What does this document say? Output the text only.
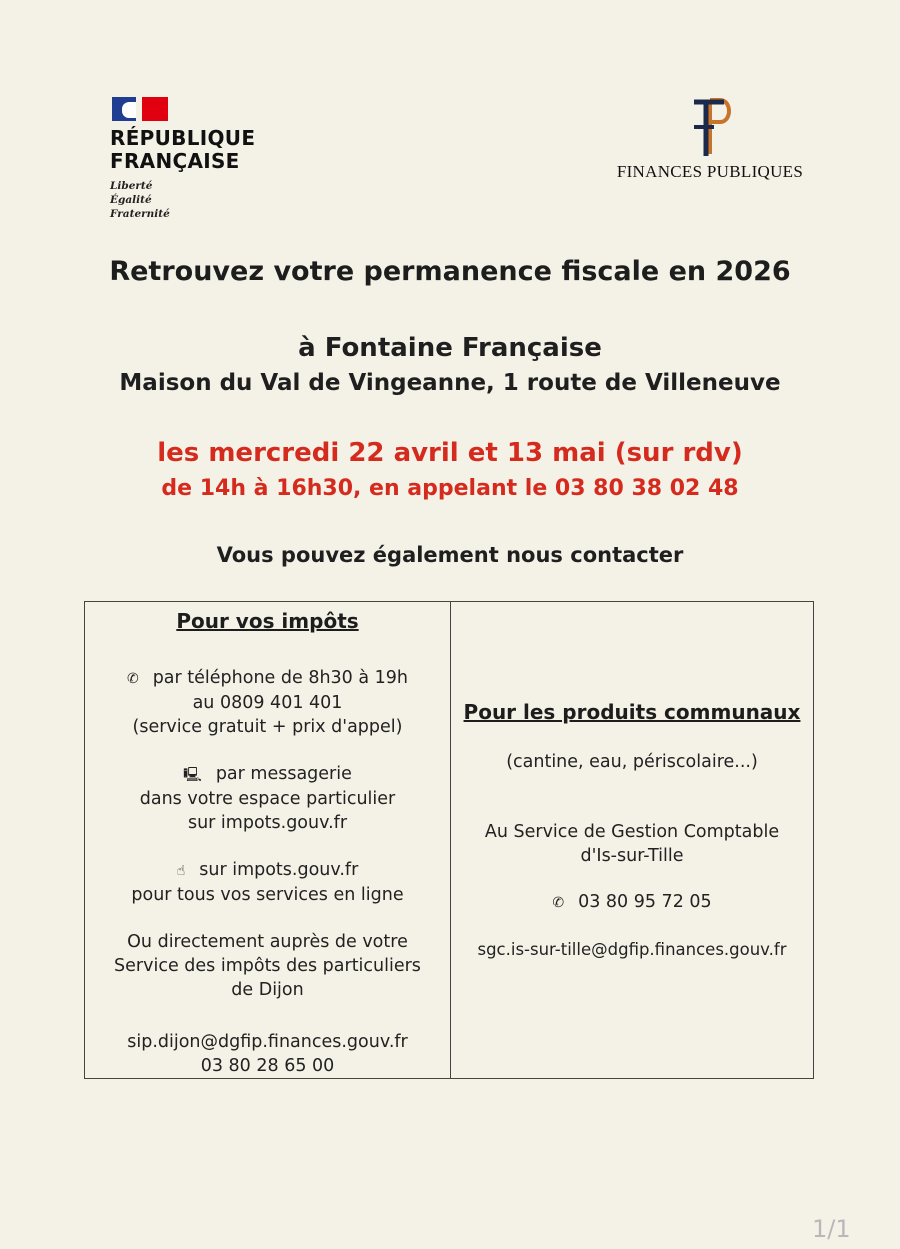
RÉPUBLIQUE
FRANÇAISE
Liberté
Égalité
Fraternité
FINANCES PUBLIQUES
Retrouvez votre permanence fiscale en 2026
à Fontaine Française
Maison du Val de Vingeanne, 1 route de Villeneuve
les mercredi 22 avril et 13 mai (sur rdv)
de 14h à 16h30, en appelant le 03 80 38 02 48
Vous pouvez également nous contacter
Pour vos impôts
✆ par téléphone de 8h30 à 19h
au 0809 401 401
(service gratuit + prix d'appel)
🖳 par messagerie
dans votre espace particulier
sur impots.gouv.fr
☝ sur impots.gouv.fr
pour tous vos services en ligne
Ou directement auprès de votre
Service des impôts des particuliers
de Dijon
sip.dijon@dgfip.finances.gouv.fr
03 80 28 65 00
Pour les produits communaux
(cantine, eau, périscolaire...)
Au Service de Gestion Comptable
d'Is-sur-Tille
✆ 03 80 95 72 05
sgc.is-sur-tille@dgfip.finances.gouv.fr
1/1
